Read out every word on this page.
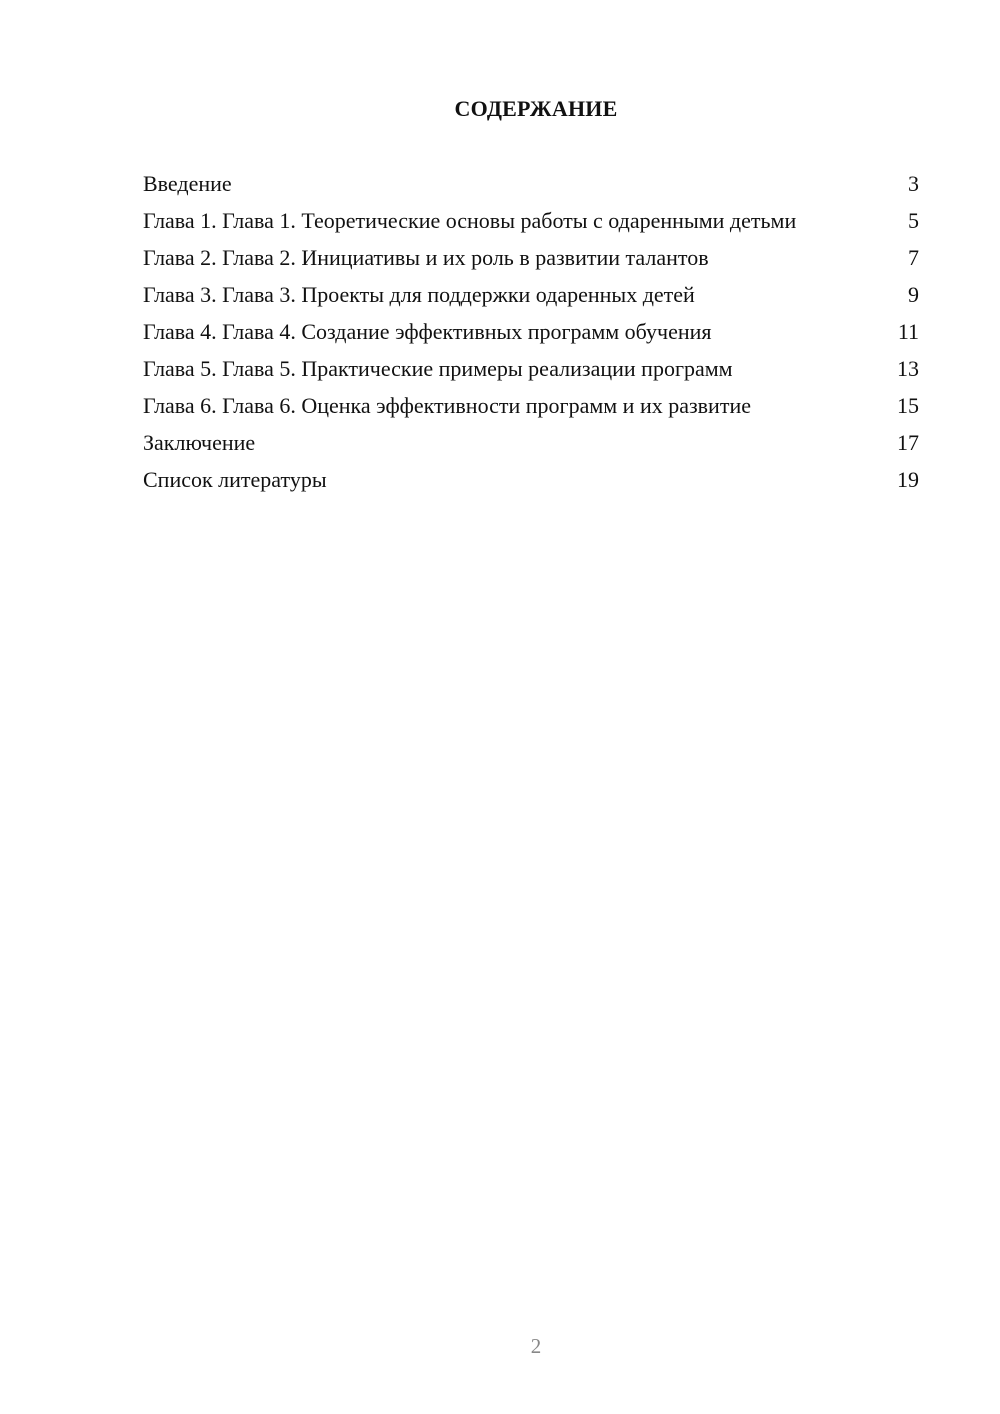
СОДЕРЖАНИЕ
Введение	3
Глава 1. Глава 1. Теоретические основы работы с одаренными детьми	5
Глава 2. Глава 2. Инициативы и их роль в развитии талантов	7
Глава 3. Глава 3. Проекты для поддержки одаренных детей	9
Глава 4. Глава 4. Создание эффективных программ обучения	11
Глава 5. Глава 5. Практические примеры реализации программ	13
Глава 6. Глава 6. Оценка эффективности программ и их развитие	15
Заключение	17
Список литературы	19
2
